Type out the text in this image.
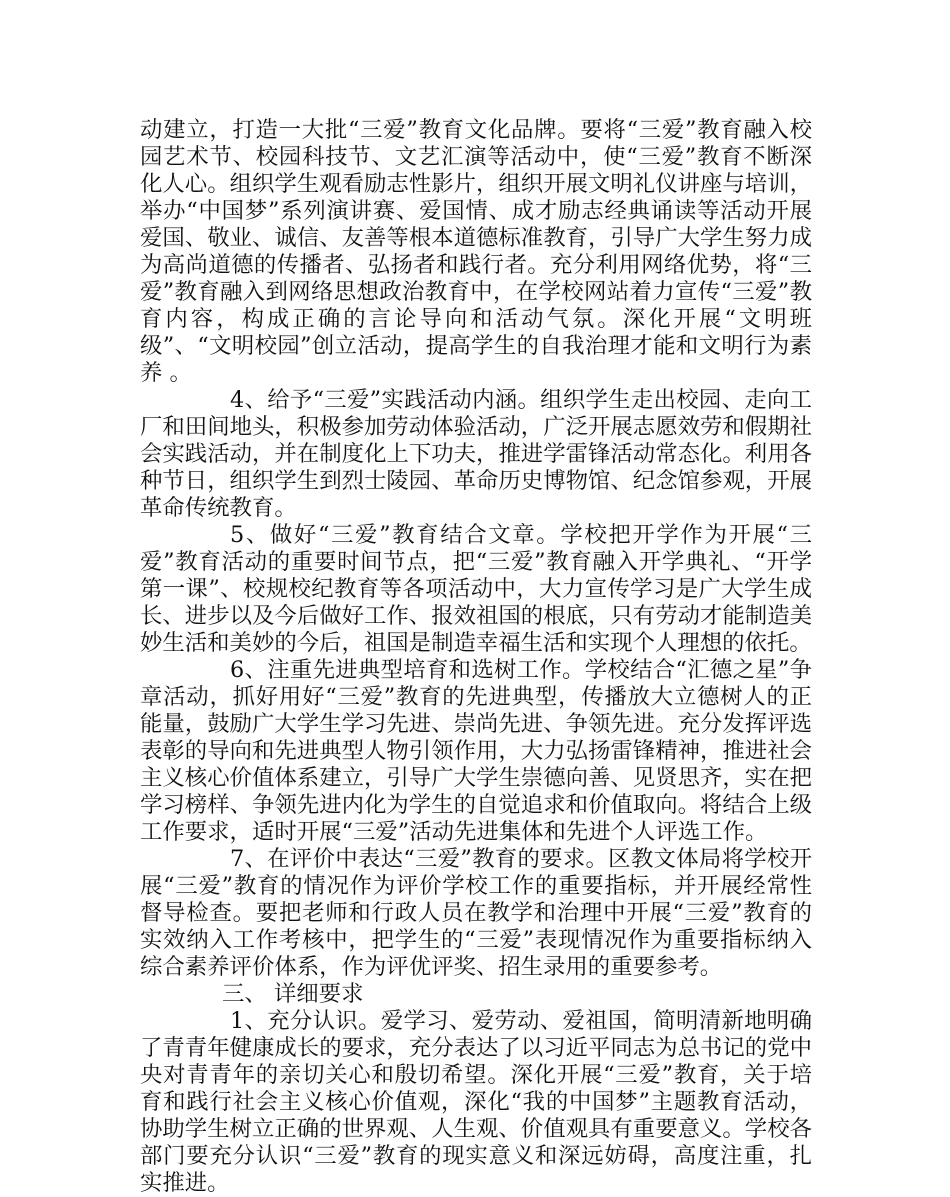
动建立，打造一大批“三爱”教育文化品牌。要将“三爱”教育融入校园艺术节、校园科技节、文艺汇演等活动中，使“三爱”教育不断深化人心。组织学生观看励志性影片，组织开展文明礼仪讲座与培训，举办“中国梦”系列演讲赛、爱国情、成才励志经典诵读等活动开展爱国、敬业、诚信、友善等根本道德标准教育，引导广大学生努力成为高尚道德的传播者、弘扬者和践行者。充分利用网络优势，将“三爱”教育融入到网络思想政治教育中，在学校网站着力宣传“三爱”教育内容，构成正确的言论导向和活动气氛。深化开展“文明班级”、“文明校园”创立活动，提高学生的自我治理才能和文明行为素养 。

4、给予“三爱”实践活动内涵。组织学生走出校园、走向工厂和田间地头，积极参加劳动体验活动，广泛开展志愿效劳和假期社会实践活动，并在制度化上下功夫，推进学雷锋活动常态化。利用各种节日，组织学生到烈士陵园、革命历史博物馆、纪念馆参观，开展革命传统教育。

5、做好“三爱”教育结合文章。学校把开学作为开展“三爱”教育活动的重要时间节点，把“三爱”教育融入开学典礼、“开学第一课”、校规校纪教育等各项活动中，大力宣传学习是广大学生成长、进步以及今后做好工作、报效祖国的根底，只有劳动才能制造美妙生活和美妙的今后，祖国是制造幸福生活和实现个人理想的依托。

6、注重先进典型培育和选树工作。学校结合“汇德之星”争章活动，抓好用好“三爱”教育的先进典型，传播放大立德树人的正能量，鼓励广大学生学习先进、崇尚先进、争领先进。充分发挥评选表彰的导向和先进典型人物引领作用，大力弘扬雷锋精神，推进社会主义核心价值体系建立，引导广大学生崇德向善、见贤思齐，实在把学习榜样、争领先进内化为学生的自觉追求和价值取向。将结合上级工作要求，适时开展“三爱”活动先进集体和先进个人评选工作。

7、在评价中表达“三爱”教育的要求。区教文体局将学校开展“三爱”教育的情况作为评价学校工作的重要指标，并开展经常性督导检查。要把老师和行政人员在教学和治理中开展“三爱”教育的实效纳入工作考核中，把学生的“三爱”表现情况作为重要指标纳入综合素养评价体系，作为评优评奖、招生录用的重要参考。

三、 详细要求

1、充分认识。爱学习、爱劳动、爱祖国，简明清新地明确了青青年健康成长的要求，充分表达了以习近平同志为总书记的党中央对青青年的亲切关心和殷切希望。深化开展“三爱”教育，关于培育和践行社会主义核心价值观，深化“我的中国梦”主题教育活动，协助学生树立正确的世界观、人生观、价值观具有重要意义。学校各部门要充分认识“三爱”教育的现实意义和深远妨碍，高度注重，扎实推进。
